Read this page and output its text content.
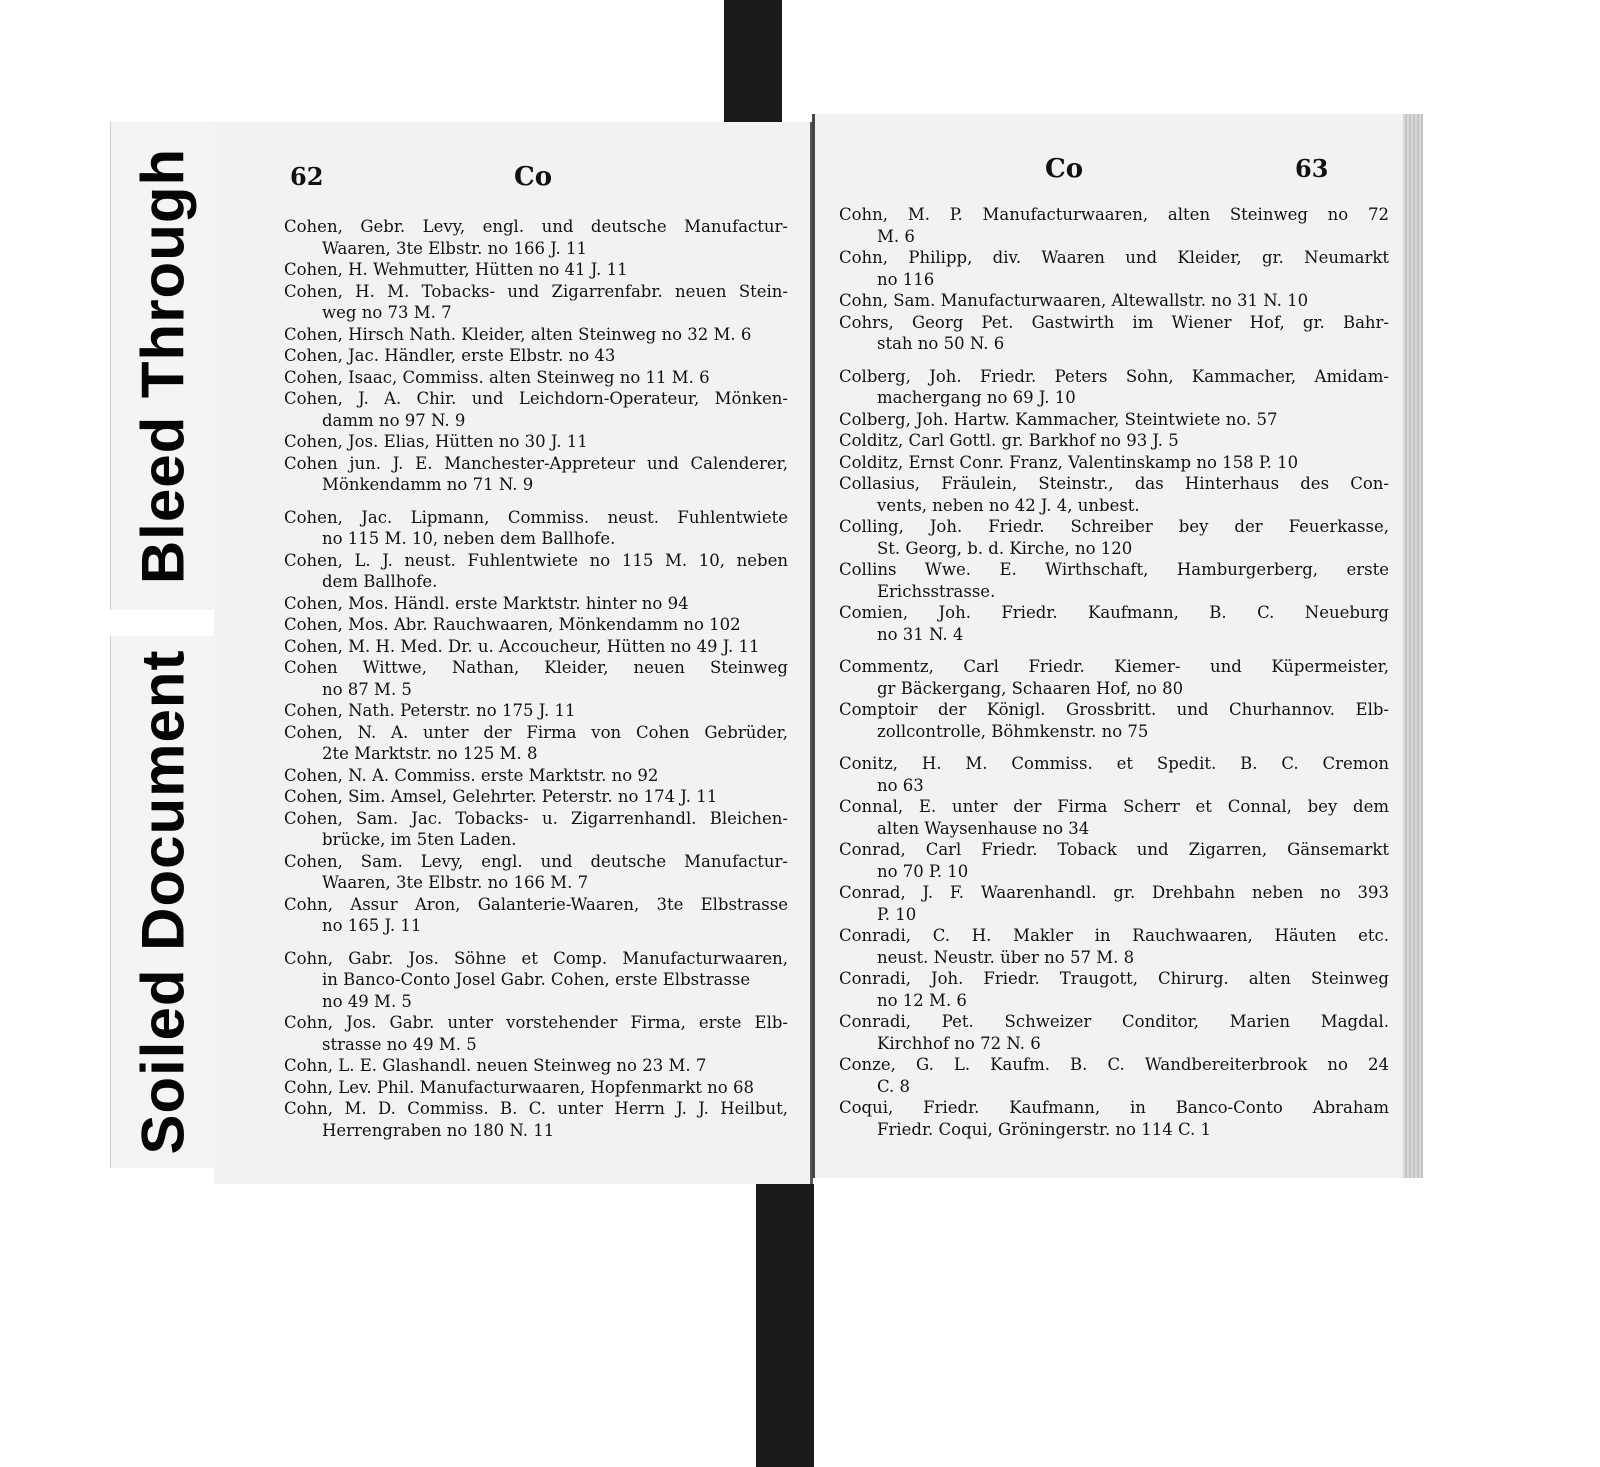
Bleed Through
Soiled Document
62	Co
Cohen, Gebr. Levy, engl. und deutsche Manufactur-
Waaren, 3te Elbstr. no 166 J. 11
Cohen, H. Wehmutter, Hütten no 41 J. 11
Cohen, H. M. Tobacks- und Zigarrenfabr. neuen Stein-
weg no 73 M. 7
Cohen, Hirsch Nath. Kleider, alten Steinweg no 32 M. 6
Cohen, Jac. Händler, erste Elbstr. no 43
Cohen, Isaac, Commiss. alten Steinweg no 11 M. 6
Cohen, J. A. Chir. und Leichdorn-Operateur, Mönken-
damm no 97 N. 9
Cohen, Jos. Elias, Hütten no 30 J. 11
Cohen jun. J. E. Manchester-Appreteur und Calenderer,
Mönkendamm no 71 N. 9
Cohen, Jac. Lipmann, Commiss. neust. Fuhlentwiete
no 115 M. 10, neben dem Ballhofe.
Cohen, L. J. neust. Fuhlentwiete no 115 M. 10, neben
dem Ballhofe.
Cohen, Mos. Händl. erste Marktstr. hinter no 94
Cohen, Mos. Abr. Rauchwaaren, Mönkendamm no 102
Cohen, M. H. Med. Dr. u. Accoucheur, Hütten no 49 J. 11
Cohen Wittwe, Nathan, Kleider, neuen Steinweg
no 87 M. 5
Cohen, Nath. Peterstr. no 175 J. 11
Cohen, N. A. unter der Firma von Cohen Gebrüder,
2te Marktstr. no 125 M. 8
Cohen, N. A. Commiss. erste Marktstr. no 92
Cohen, Sim. Amsel, Gelehrter. Peterstr. no 174 J. 11
Cohen, Sam. Jac. Tobacks- u. Zigarrenhandl. Bleichen-
brücke, im 5ten Laden.
Cohen, Sam. Levy, engl. und deutsche Manufactur-
Waaren, 3te Elbstr. no 166 M. 7
Cohn, Assur Aron, Galanterie-Waaren, 3te Elbstrasse
no 165 J. 11
Cohn, Gabr. Jos. Söhne et Comp. Manufacturwaaren,
in Banco-Conto Josel Gabr. Cohen, erste Elbstrasse
no 49 M. 5
Cohn, Jos. Gabr. unter vorstehender Firma, erste Elb-
strasse no 49 M. 5
Cohn, L. E. Glashandl. neuen Steinweg no 23 M. 7
Cohn, Lev. Phil. Manufacturwaaren, Hopfenmarkt no 68
Cohn, M. D. Commiss. B. C. unter Herrn J. J. Heilbut,
Herrengraben no 180 N. 11
Co	63
Cohn, M. P. Manufacturwaaren, alten Steinweg no 72
M. 6
Cohn, Philipp, div. Waaren und Kleider, gr. Neumarkt
no 116
Cohn, Sam. Manufacturwaaren, Altewallstr. no 31 N. 10
Cohrs, Georg Pet. Gastwirth im Wiener Hof, gr. Bahr-
stah no 50 N. 6
Colberg, Joh. Friedr. Peters Sohn, Kammacher, Amidam-
machergang no 69 J. 10
Colberg, Joh. Hartw. Kammacher, Steintwiete no. 57
Colditz, Carl Gottl. gr. Barkhof no 93 J. 5
Colditz, Ernst Conr. Franz, Valentinskamp no 158 P. 10
Collasius, Fräulein, Steinstr., das Hinterhaus des Con-
vents, neben no 42 J. 4, unbest.
Colling, Joh. Friedr. Schreiber bey der Feuerkasse,
St. Georg, b. d. Kirche, no 120
Collins Wwe. E. Wirthschaft, Hamburgerberg, erste
Erichsstrasse.
Comien, Joh. Friedr. Kaufmann, B. C. Neueburg
no 31 N. 4
Commentz, Carl Friedr. Kiemer- und Küpermeister,
gr Bäckergang, Schaaren Hof, no 80
Comptoir der Königl. Grossbritt. und Churhannov. Elb-
zollcontrolle, Böhmkenstr. no 75
Conitz, H. M. Commiss. et Spedit. B. C. Cremon
no 63
Connal, E. unter der Firma Scherr et Connal, bey dem
alten Waysenhause no 34
Conrad, Carl Friedr. Toback und Zigarren, Gänsemarkt
no 70 P. 10
Conrad, J. F. Waarenhandl. gr. Drehbahn neben no 393
P. 10
Conradi, C. H. Makler in Rauchwaaren, Häuten etc.
neust. Neustr. über no 57 M. 8
Conradi, Joh. Friedr. Traugott, Chirurg. alten Steinweg
no 12 M. 6
Conradi, Pet. Schweizer Conditor, Marien Magdal.
Kirchhof no 72 N. 6
Conze, G. L. Kaufm. B. C. Wandbereiterbrook no 24
C. 8
Coqui, Friedr. Kaufmann, in Banco-Conto Abraham
Friedr. Coqui, Gröningerstr. no 114 C. 1
